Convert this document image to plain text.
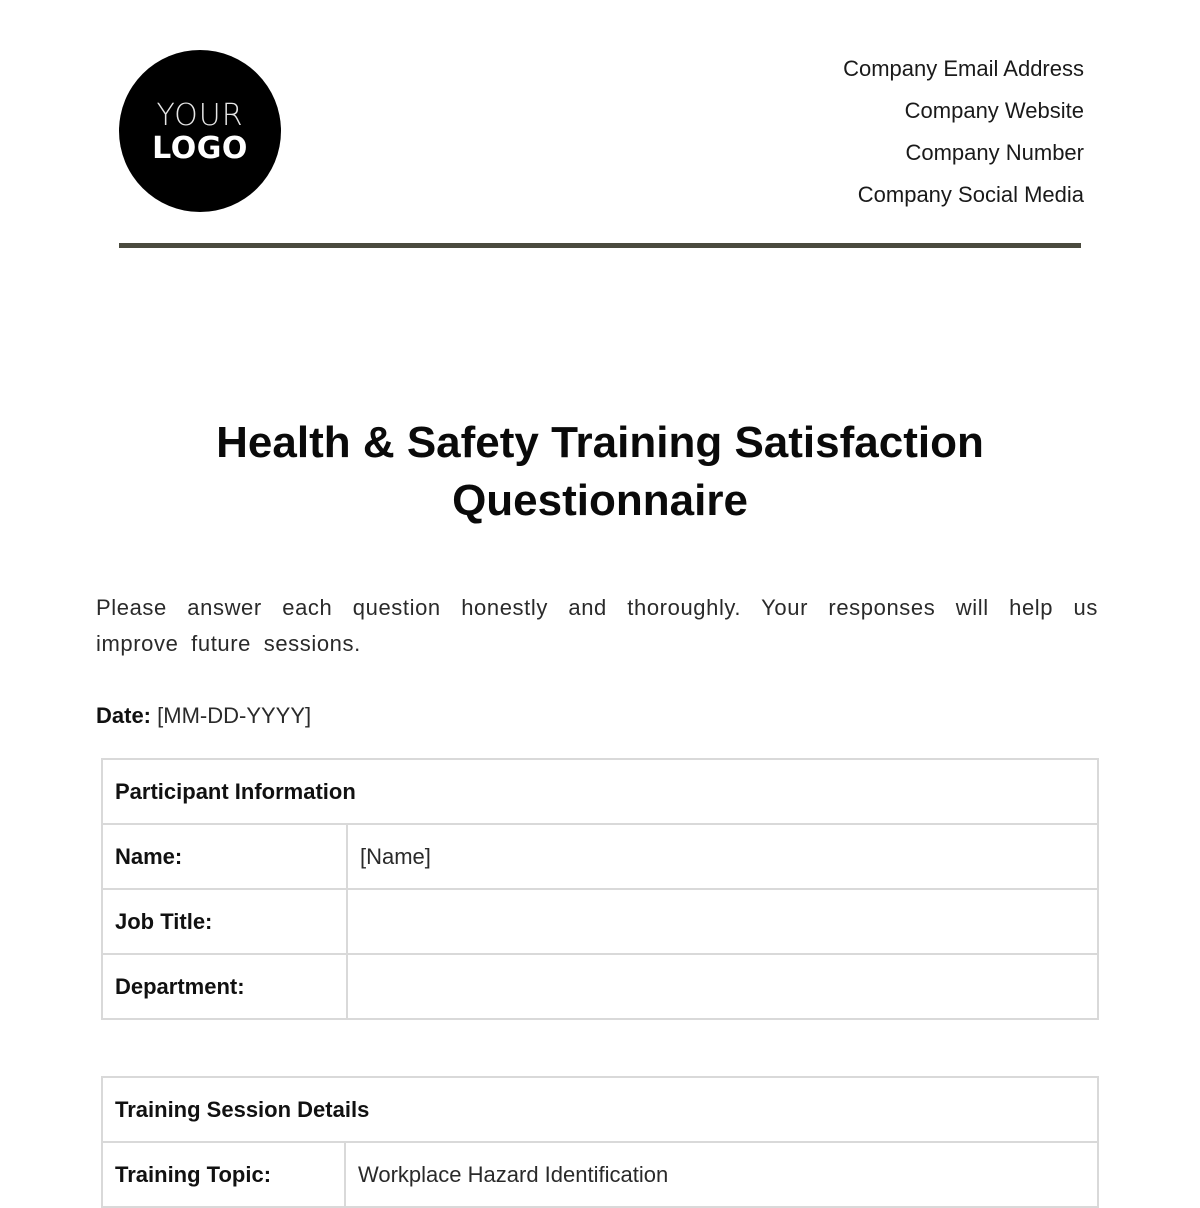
YOUR
LOGO
Company Email Address
Company Website
Company Number
Company Social Media
Health & Safety Training Satisfaction Questionnaire

Please answer each question honestly and thoroughly. Your responses will help us improve future sessions.

Date: [MM-DD-YYYY]
Participant Information	
Name:	[Name]
Job Title:	
Department:	
Training Session Details
Training Topic:	Workplace Hazard Identification
